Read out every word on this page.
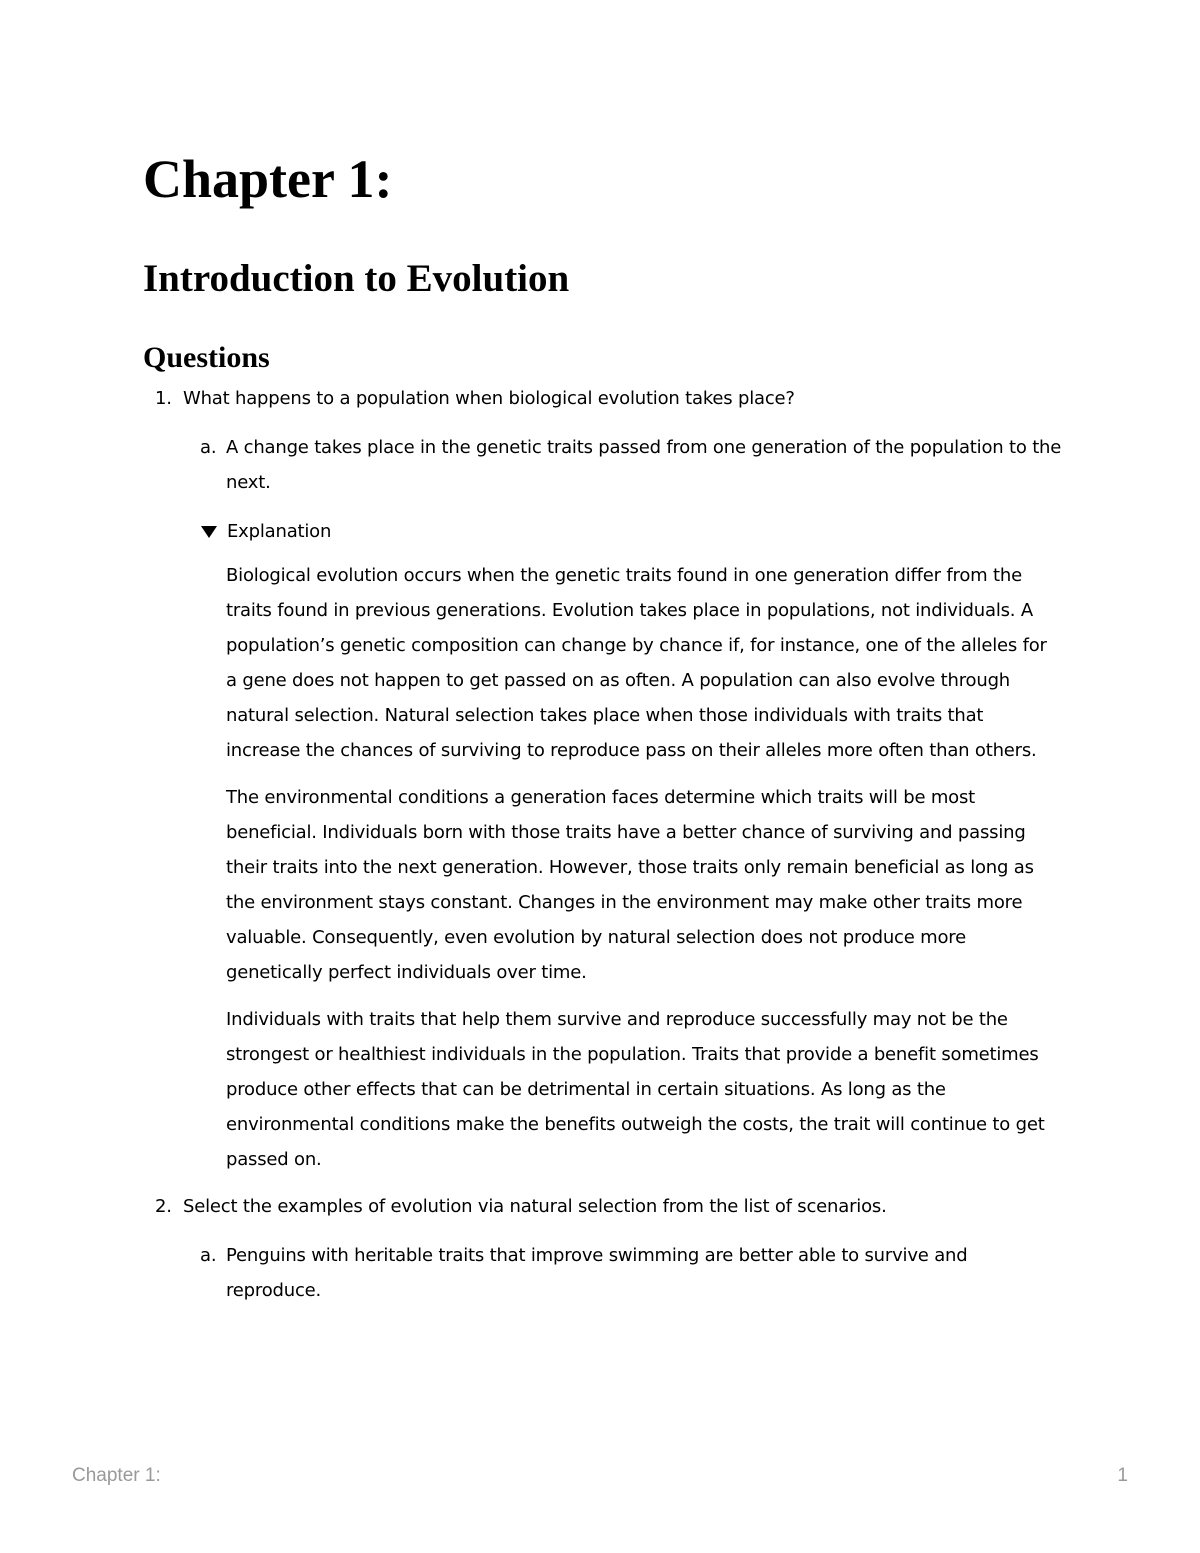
Chapter 1:
Introduction to Evolution
Questions
1. What happens to a population when biological evolution takes place?
a. A change takes place in the genetic traits passed from one generation of the population to the next.
Explanation

Biological evolution occurs when the genetic traits found in one generation differ from the traits found in previous generations. Evolution takes place in populations, not individuals. A population’s genetic composition can change by chance if, for instance, one of the alleles for a gene does not happen to get passed on as often. A population can also evolve through natural selection. Natural selection takes place when those individuals with traits that increase the chances of surviving to reproduce pass on their alleles more often than others.

The environmental conditions a generation faces determine which traits will be most beneficial. Individuals born with those traits have a better chance of surviving and passing their traits into the next generation. However, those traits only remain beneficial as long as the environment stays constant. Changes in the environment may make other traits more valuable. Consequently, even evolution by natural selection does not produce more genetically perfect individuals over time.

Individuals with traits that help them survive and reproduce successfully may not be the strongest or healthiest individuals in the population. Traits that provide a benefit sometimes produce other effects that can be detrimental in certain situations. As long as the environmental conditions make the benefits outweigh the costs, the trait will continue to get passed on.

2. Select the examples of evolution via natural selection from the list of scenarios.
a. Penguins with heritable traits that improve swimming are better able to survive and reproduce.
Chapter 1:	1
